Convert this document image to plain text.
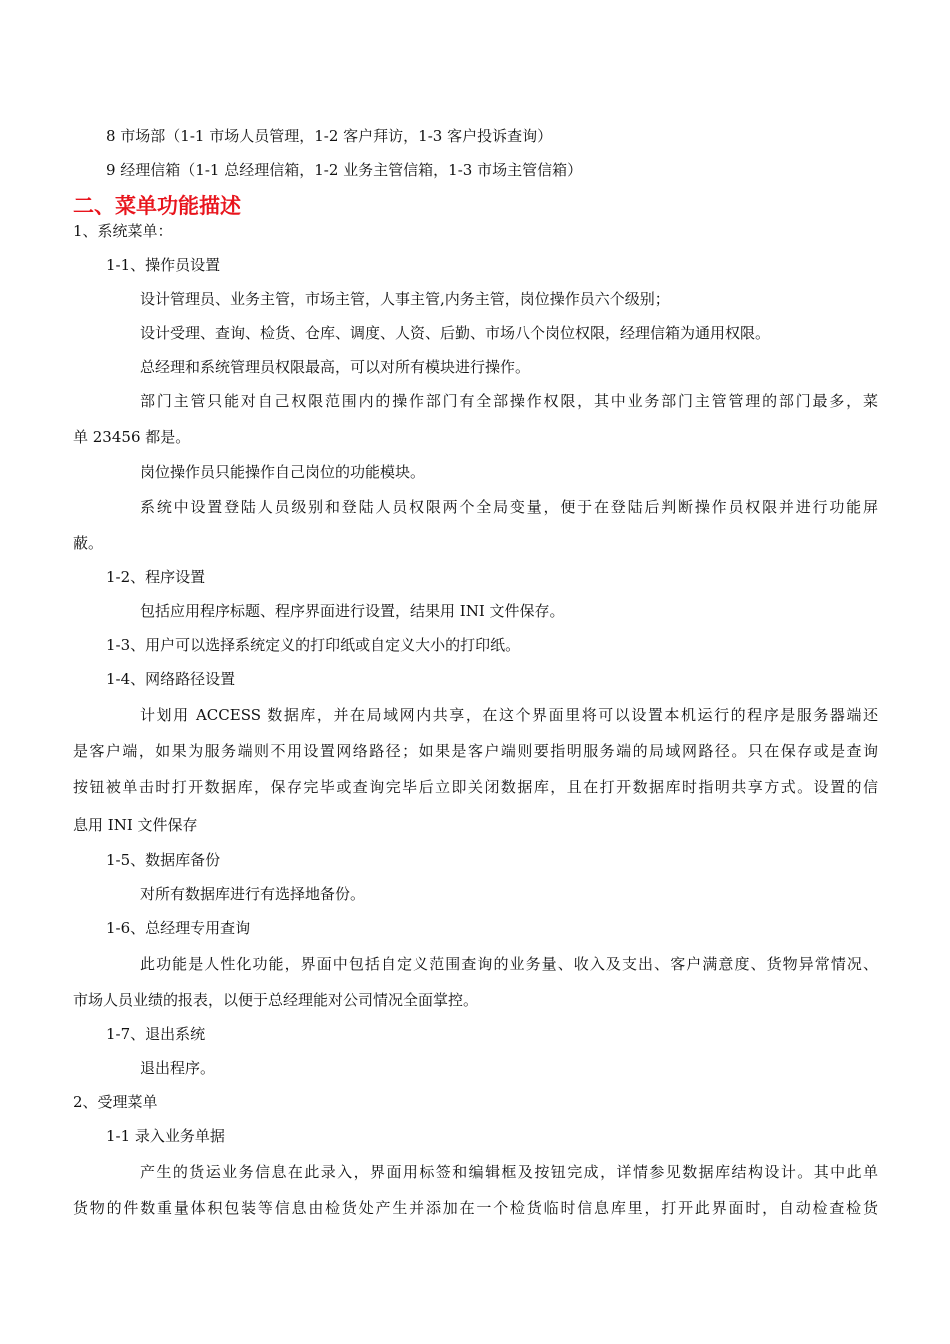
8 市场部（1-1 市场人员管理，1-2 客户拜访，1-3 客户投诉查询）
9 经理信箱（1-1 总经理信箱，1-2 业务主管信箱，1-3 市场主管信箱）
二、菜单功能描述
1、系统菜单：
1-1、操作员设置
设计管理员、业务主管，市场主管，人事主管,内务主管，岗位操作员六个级别；
设计受理、查询、检货、仓库、调度、人资、后勤、市场八个岗位权限，经理信箱为通用权限。
总经理和系统管理员权限最高，可以对所有模块进行操作。
部门主管只能对自己权限范围内的操作部门有全部操作权限，其中业务部门主管管理的部门最多，菜
单 23456 都是。
岗位操作员只能操作自己岗位的功能模块。
系统中设置登陆人员级别和登陆人员权限两个全局变量，便于在登陆后判断操作员权限并进行功能屏
蔽。
1-2、程序设置
包括应用程序标题、程序界面进行设置，结果用 INI 文件保存。
1-3、用户可以选择系统定义的打印纸或自定义大小的打印纸。
1-4、网络路径设置
计划用 ACCESS 数据库，并在局域网内共享，在这个界面里将可以设置本机运行的程序是服务器端还
是客户端，如果为服务端则不用设置网络路径；如果是客户端则要指明服务端的局域网路径。只在保存或是查询
按钮被单击时打开数据库，保存完毕或查询完毕后立即关闭数据库，且在打开数据库时指明共享方式。设置的信
息用 INI 文件保存
1-5、数据库备份
对所有数据库进行有选择地备份。
1-6、总经理专用查询
此功能是人性化功能，界面中包括自定义范围查询的业务量、收入及支出、客户满意度、货物异常情况、
市场人员业绩的报表，以便于总经理能对公司情况全面掌控。
1-7、退出系统
退出程序。
2、受理菜单
1-1 录入业务单据
产生的货运业务信息在此录入，界面用标签和编辑框及按钮完成，详情参见数据库结构设计。其中此单
货物的件数重量体积包装等信息由检货处产生并添加在一个检货临时信息库里，打开此界面时，自动检查检货
